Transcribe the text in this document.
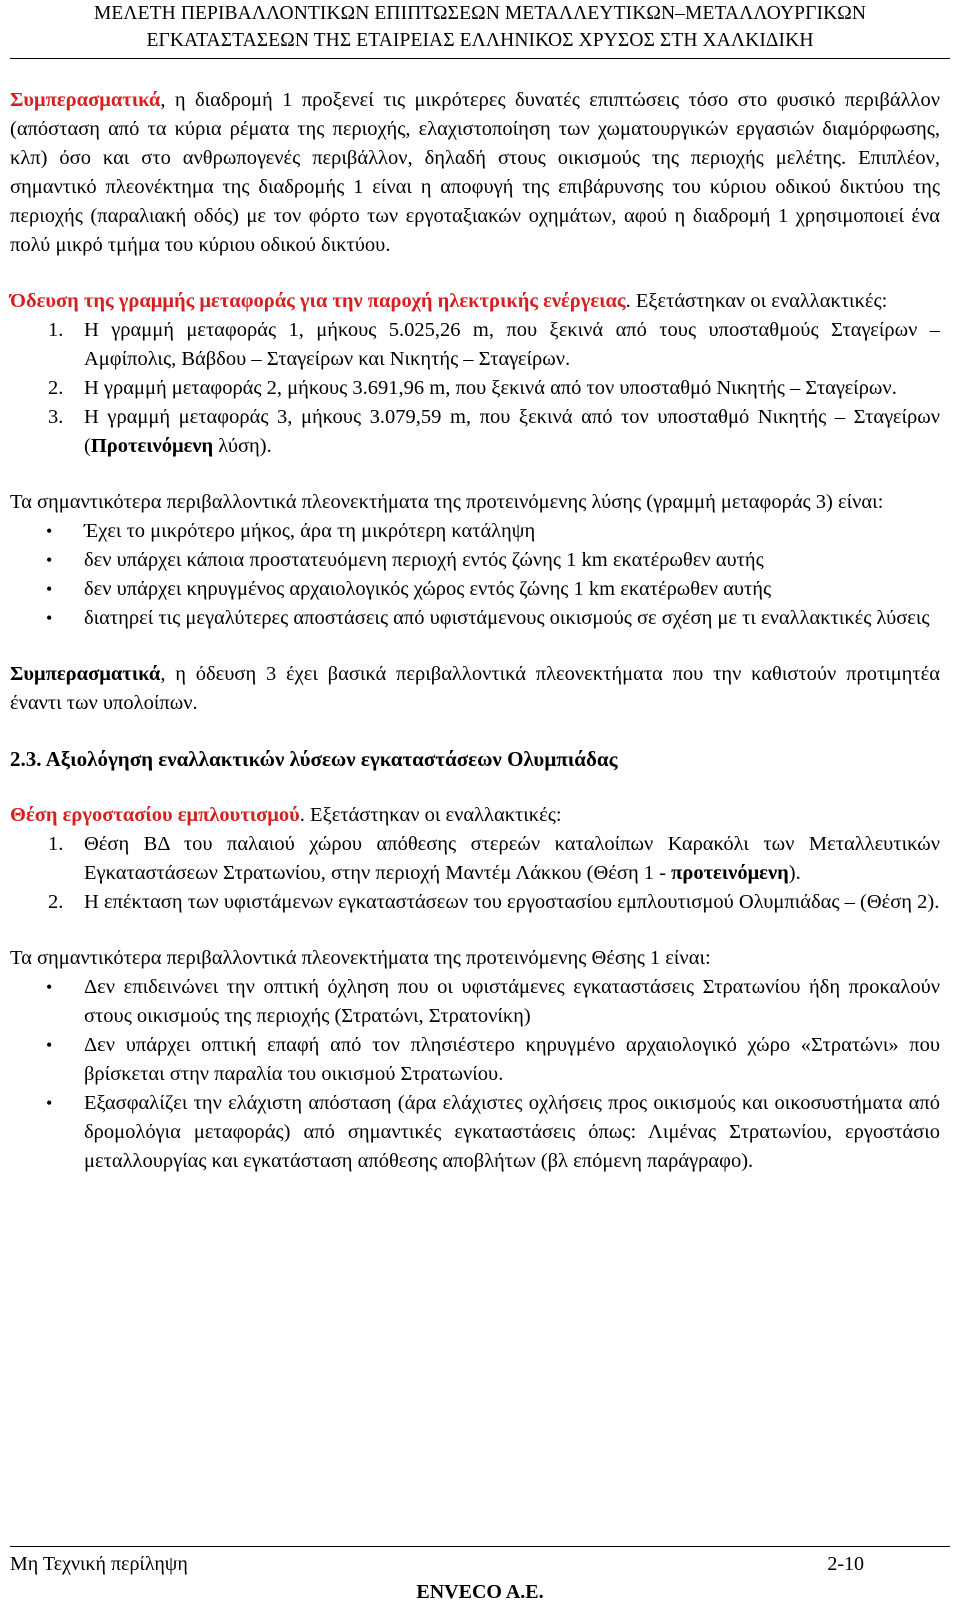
ΜΕΛΕΤΗ ΠΕΡΙΒΑΛΛΟΝΤΙΚΩΝ ΕΠΙΠΤΩΣΕΩΝ ΜΕΤΑΛΛΕΥΤΙΚΩΝ–ΜΕΤΑΛΛΟΥΡΓΙΚΩΝ
ΕΓΚΑΤΑΣΤΑΣΕΩΝ ΤΗΣ ΕΤΑΙΡΕΙΑΣ ΕΛΛΗΝΙΚΟΣ ΧΡΥΣΟΣ ΣΤΗ ΧΑΛΚΙΔΙΚΗ

Συμπερασματικά, η διαδρομή 1 προξενεί τις μικρότερες δυνατές επιπτώσεις τόσο στο φυσικό περιβάλλον (απόσταση από τα κύρια ρέματα της περιοχής, ελαχιστοποίηση των χωματουργικών εργασιών διαμόρφωσης, κλπ) όσο και στο ανθρωπογενές περιβάλλον, δηλαδή στους οικισμούς της περιοχής μελέτης. Επιπλέον, σημαντικό πλεονέκτημα της διαδρομής 1 είναι η αποφυγή της επιβάρυνσης του κύριου οδικού δικτύου της περιοχής (παραλιακή οδός) με τον φόρτο των εργοταξιακών οχημάτων, αφού η διαδρομή 1 χρησιμοποιεί ένα πολύ μικρό τμήμα του κύριου οδικού δικτύου.

Όδευση της γραμμής μεταφοράς για την παροχή ηλεκτρικής ενέργειας. Εξετάστηκαν οι εναλλακτικές:

1. Η γραμμή μεταφοράς 1, μήκους 5.025,26 m, που ξεκινά από τους υποσταθμούς Σταγείρων – Αμφίπολις, Βάβδου – Σταγείρων και Νικητής – Σταγείρων.
2. Η γραμμή μεταφοράς 2, μήκους 3.691,96 m, που ξεκινά από τον υποσταθμό Νικητής – Σταγείρων.
3. Η γραμμή μεταφοράς 3, μήκους 3.079,59 m, που ξεκινά από τον υποσταθμό Νικητής – Σταγείρων (Προτεινόμενη λύση).

Τα σημαντικότερα περιβαλλοντικά πλεονεκτήματα της προτεινόμενης λύσης (γραμμή μεταφοράς 3) είναι:

• Έχει το μικρότερο μήκος, άρα τη μικρότερη κατάληψη
• δεν υπάρχει κάποια προστατευόμενη περιοχή εντός ζώνης 1 km εκατέρωθεν αυτής
• δεν υπάρχει κηρυγμένος αρχαιολογικός χώρος εντός ζώνης 1 km εκατέρωθεν αυτής
• διατηρεί τις μεγαλύτερες αποστάσεις από υφιστάμενους οικισμούς σε σχέση με τι εναλλακτικές λύσεις

Συμπερασματικά, η όδευση 3 έχει βασικά περιβαλλοντικά πλεονεκτήματα που την καθιστούν προτιμητέα έναντι των υπολοίπων.

2.3. Αξιολόγηση εναλλακτικών λύσεων εγκαταστάσεων Ολυμπιάδας

Θέση εργοστασίου εμπλουτισμού. Εξετάστηκαν οι εναλλακτικές:

1. Θέση ΒΔ του παλαιού χώρου απόθεσης στερεών καταλοίπων Καρακόλι των Μεταλλευτικών Εγκαταστάσεων Στρατωνίου, στην περιοχή Μαντέμ Λάκκου (Θέση 1 - προτεινόμενη).
2. Η επέκταση των υφιστάμενων εγκαταστάσεων του εργοστασίου εμπλουτισμού Ολυμπιάδας – (Θέση 2).

Τα σημαντικότερα περιβαλλοντικά πλεονεκτήματα της προτεινόμενης Θέσης 1 είναι:

• Δεν επιδεινώνει την οπτική όχληση που οι υφιστάμενες εγκαταστάσεις Στρατωνίου ήδη προκαλούν στους οικισμούς της περιοχής (Στρατώνι, Στρατονίκη)
• Δεν υπάρχει οπτική επαφή από τον πλησιέστερο κηρυγμένο αρχαιολογικό χώρο «Στρατώνι» που βρίσκεται στην παραλία του οικισμού Στρατωνίου.
• Εξασφαλίζει την ελάχιστη απόσταση (άρα ελάχιστες οχλήσεις προς οικισμούς και οικοσυστήματα από δρομολόγια μεταφοράς) από σημαντικές εγκαταστάσεις όπως: Λιμένας Στρατωνίου, εργοστάσιο μεταλλουργίας και εγκατάσταση απόθεσης αποβλήτων (βλ επόμενη παράγραφο).
Μη Τεχνική περίληψη	2-10
ENVECO A.E.
